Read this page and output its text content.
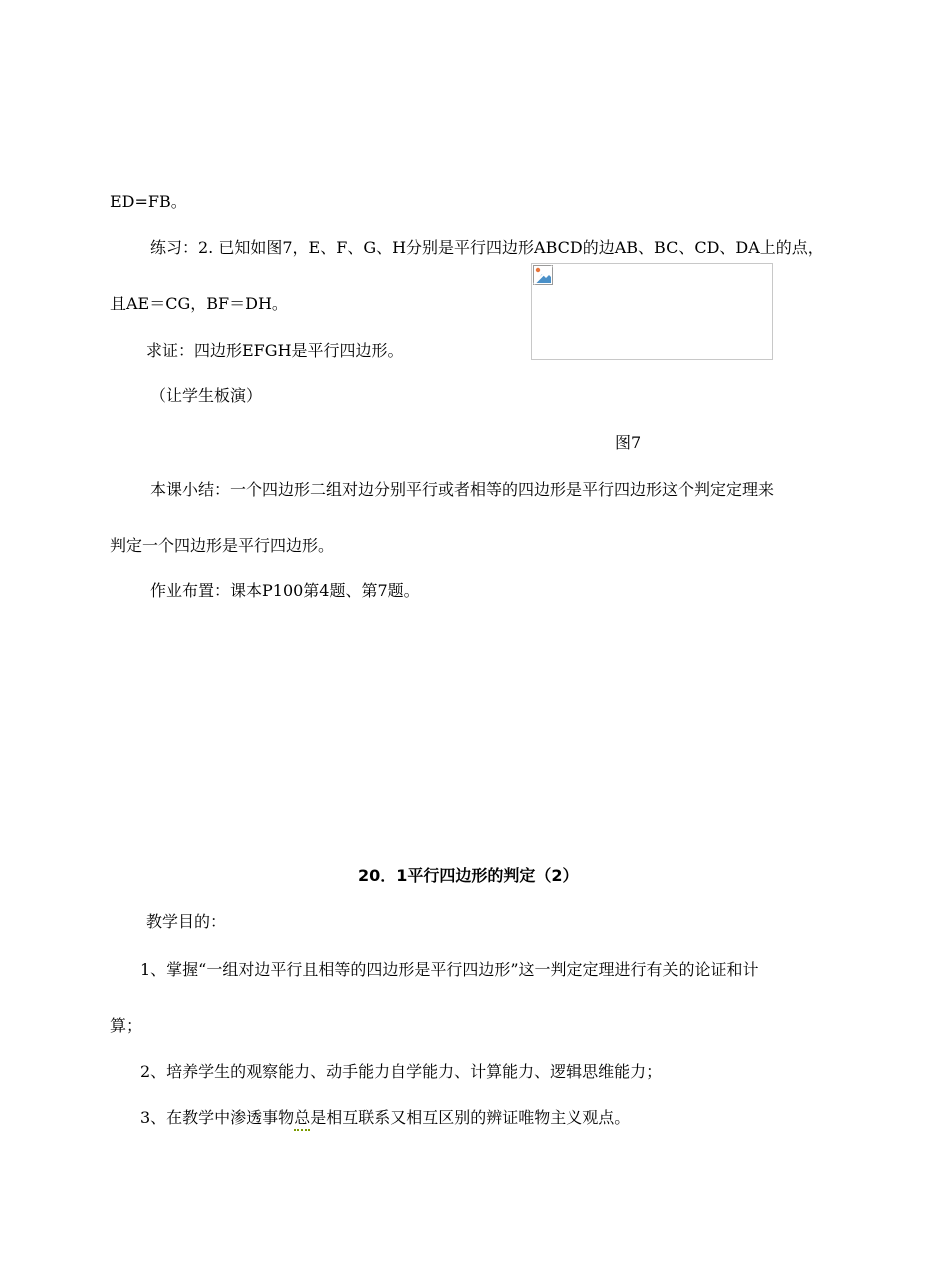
ED=FB。
练习：2. 已知如图7，E、F、G、H分别是平行四边形ABCD的边AB、BC、CD、DA上的点，
且AE＝CG，BF＝DH。
求证：四边形EFGH是平行四边形。
（让学生板演）
图7
本课小结：一个四边形二组对边分别平行或者相等的四边形是平行四边形这个判定定理来
判定一个四边形是平行四边形。
作业布置：课本P100第4题、第7题。
20．1平行四边形的判定（2）
教学目的：
1、掌握“一组对边平行且相等的四边形是平行四边形”这一判定定理进行有关的论证和计
算；
2、培养学生的观察能力、动手能力自学能力、计算能力、逻辑思维能力；
3、在教学中渗透事物总是相互联系又相互区别的辨证唯物主义观点。
